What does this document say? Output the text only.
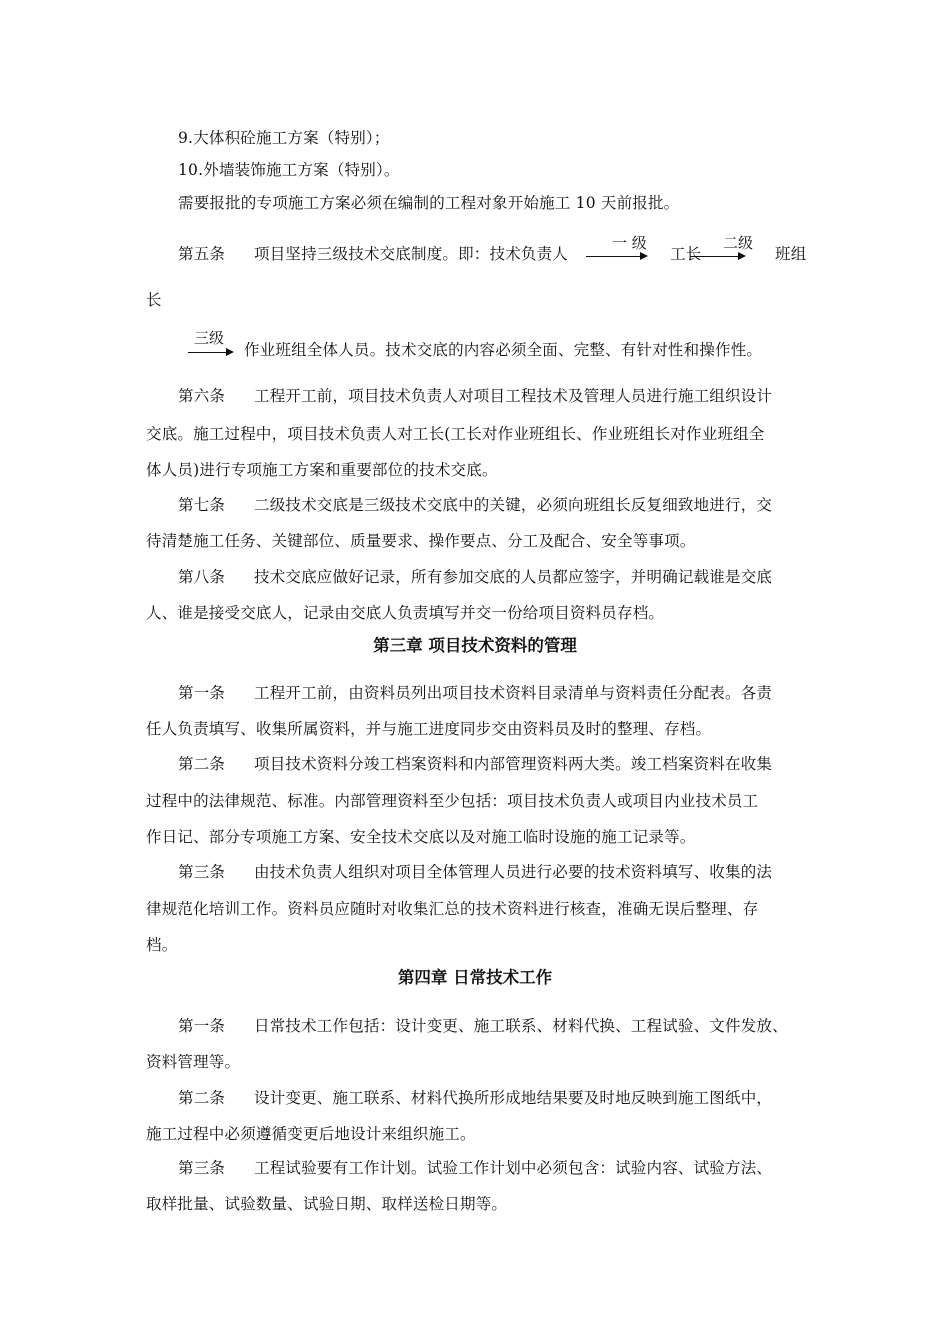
9.大体积砼施工方案（特别）；
10.外墙装饰施工方案（特别）。
需要报批的专项施工方案必须在编制的工程对象开始施工 10 天前报批。
第五条 项目坚持三级技术交底制度。即：技术负责人
一 级
工长
二级
班组
长
三级
作业班组全体人员。技术交底的内容必须全面、完整、有针对性和操作性。
第六条 工程开工前，项目技术负责人对项目工程技术及管理人员进行施工组织设计
交底。施工过程中，项目技术负责人对工长(工长对作业班组长、作业班组长对作业班组全
体人员)进行专项施工方案和重要部位的技术交底。
第七条 二级技术交底是三级技术交底中的关键，必须向班组长反复细致地进行，交
待清楚施工任务、关键部位、质量要求、操作要点、分工及配合、安全等事项。
第八条 技术交底应做好记录，所有参加交底的人员都应签字，并明确记载谁是交底
人、谁是接受交底人，记录由交底人负责填写并交一份给项目资料员存档。
第三章 项目技术资料的管理
第一条 工程开工前，由资料员列出项目技术资料目录清单与资料责任分配表。各责
任人负责填写、收集所属资料，并与施工进度同步交由资料员及时的整理、存档。
第二条 项目技术资料分竣工档案资料和内部管理资料两大类。竣工档案资料在收集
过程中的法律规范、标准。内部管理资料至少包括：项目技术负责人或项目内业技术员工
作日记、部分专项施工方案、安全技术交底以及对施工临时设施的施工记录等。
第三条 由技术负责人组织对项目全体管理人员进行必要的技术资料填写、收集的法
律规范化培训工作。资料员应随时对收集汇总的技术资料进行核查，准确无误后整理、存
档。
第四章 日常技术工作
第一条 日常技术工作包括：设计变更、施工联系、材料代换、工程试验、文件发放、
资料管理等。
第二条 设计变更、施工联系、材料代换所形成地结果要及时地反映到施工图纸中，
施工过程中必须遵循变更后地设计来组织施工。
第三条 工程试验要有工作计划。试验工作计划中必须包含：试验内容、试验方法、
取样批量、试验数量、试验日期、取样送检日期等。
